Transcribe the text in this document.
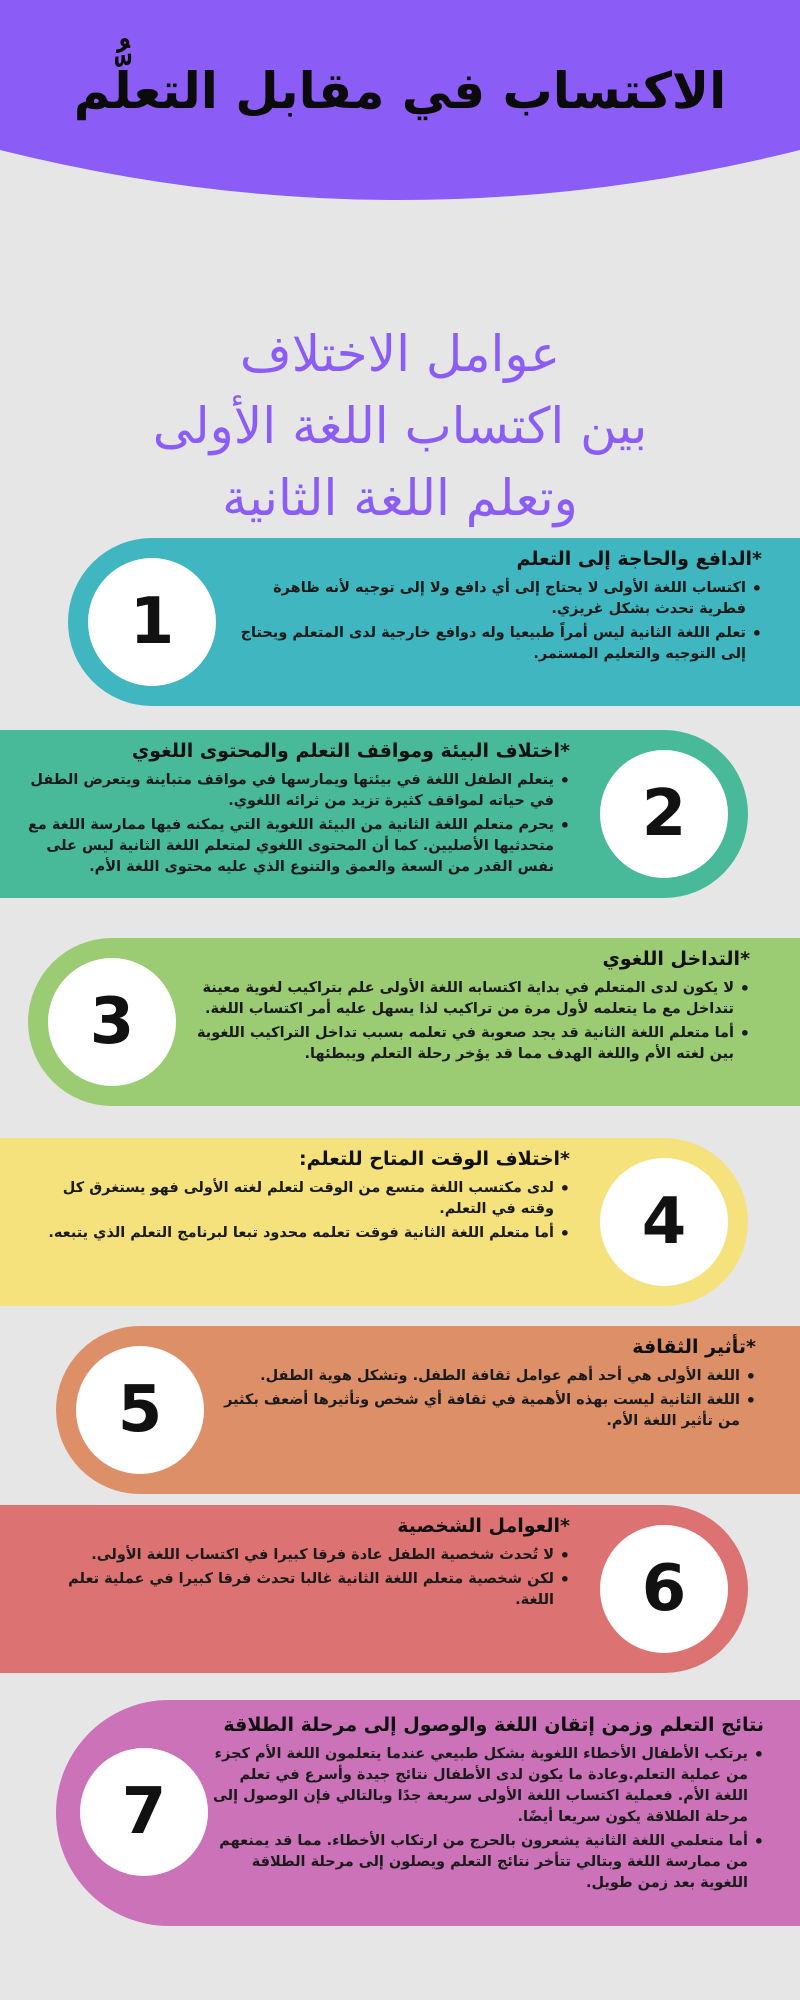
الاكتساب في مقابل التعلُّم
عوامل الاختلاف
بين اكتساب اللغة الأولى
وتعلم اللغة الثانية
1
*الدافع والحاجة إلى التعلم
• اكتساب اللغة الأولى لا يحتاج إلى أي دافع ولا إلى توجيه لأنه ظاهرة فطرية تحدث بشكل غريزي.
• تعلم اللغة الثانية ليس أمراً طبيعيا وله دوافع خارجية لدى المتعلم ويحتاج إلى التوجيه والتعليم المستمر.
2
*اختلاف البيئة ومواقف التعلم والمحتوى اللغوي
• يتعلم الطفل اللغة في بيئتها ويمارسها في مواقف متباينة ويتعرض الطفل في حياته لمواقف كثيرة تزيد من ثرائه اللغوي.
• يحرم متعلم اللغة الثانية من البيئة اللغوية التي يمكنه فيها ممارسة اللغة مع متحدثيها الأصليين. كما أن المحتوى اللغوي لمتعلم اللغة الثانية ليس على نفس القدر من السعة والعمق والتنوع الذي عليه محتوى اللغة الأم.
3
*التداخل اللغوي
• لا يكون لدى المتعلم في بداية اكتسابه اللغة الأولى علم بتراكيب لغوية معينة تتداخل مع ما يتعلمه لأول مرة من تراكيب لذا يسهل عليه أمر اكتساب اللغة.
• أما متعلم اللغة الثانية قد يجد صعوبة في تعلمه بسبب تداخل التراكيب اللغوية بين لغته الأم واللغة الهدف مما قد يؤخر رحلة التعلم ويبطئها.
4
*اختلاف الوقت المتاح للتعلم:
• لدى مكتسب اللغة متسع من الوقت لتعلم لغته الأولى فهو يستغرق كل وقته في التعلم.
• أما متعلم اللغة الثانية فوقت تعلمه محدود تبعا لبرنامج التعلم الذي يتبعه.
5
*تأثير الثقافة
• اللغة الأولى هي أحد أهم عوامل ثقافة الطفل. وتشكل هوية الطفل.
• اللغة الثانية ليست بهذه الأهمية في ثقافة أي شخص وتأثيرها أضعف بكثير من تأثير اللغة الأم.
6
*العوامل الشخصية
• لا تُحدث شخصية الطفل عادة فرقا كبيرا في اكتساب اللغة الأولى.
• لكن شخصية متعلم اللغة الثانية غالبا تحدث فرقا كبيرا في عملية تعلم اللغة.
7
نتائج التعلم وزمن إتقان اللغة والوصول إلى مرحلة الطلاقة
• يرتكب الأطفال الأخطاء اللغوية بشكل طبيعي عندما يتعلمون اللغة الأم كجزء من عملية التعلم.وعادة ما يكون لدى الأطفال نتائج جيدة وأسرع في تعلم اللغة الأم. فعملية اكتساب اللغة الأولى سريعة جدًا وبالتالي فإن الوصول إلى مرحلة الطلاقة يكون سريعا أيضًا.
• أما متعلمي اللغة الثانية يشعرون بالحرج من ارتكاب الأخطاء. مما قد يمنعهم من ممارسة اللغة وبتالي تتأخر نتائج التعلم ويصلون إلى مرحلة الطلاقة اللغوية بعد زمن طويل.
